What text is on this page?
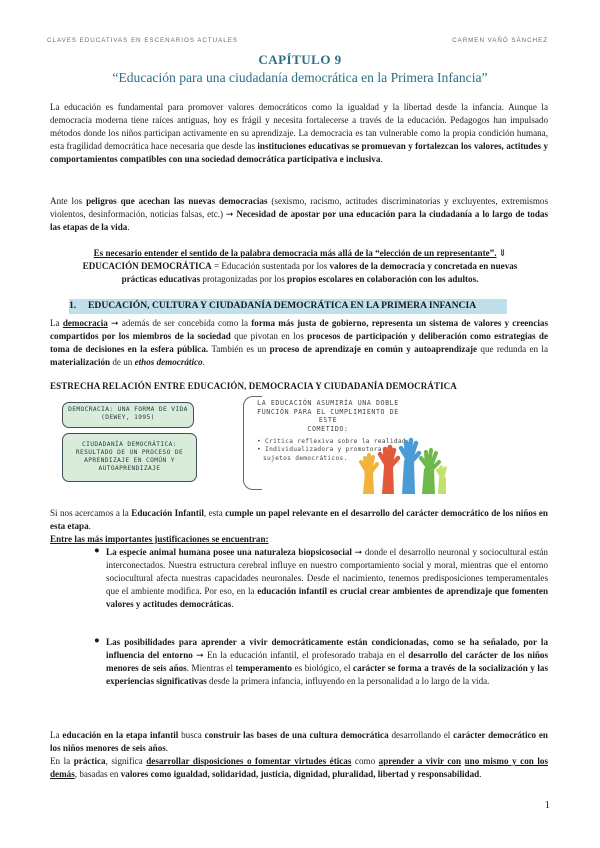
CLAVES EDUCATIVAS EN ESCENARIOS ACTUALES	CARMEN VAÑÓ SÁNCHEZ
CAPÍTULO 9
“Educación para una ciudadanía democrática en la Primera Infancia”

La educación es fundamental para promover valores democráticos como la igualdad y la libertad desde la infancia. Aunque la democracia moderna tiene raíces antiguas, hoy es frágil y necesita fortalecerse a través de la educación. Pedagogos han impulsado métodos donde los niños participan activamente en su aprendizaje. La democracia es tan vulnerable como la propia condición humana, esta fragilidad democrática hace necesaria que desde las instituciones educativas se promuevan y fortalezcan los valores, actitudes y comportamientos compatibles con una sociedad democrática participativa e inclusiva.

Ante los peligros que acechan las nuevas democracias (sexismo, racismo, actitudes discriminatorias y excluyentes, extremismos violentos, desinformación, noticias falsas, etc.) ➞ Necesidad de apostar por una educación para la ciudadanía a lo largo de todas las etapas de la vida.

Es necesario entender el sentido de la palabra democracia más allá de la “elección de un representante”. ⇓
EDUCACIÓN DEMOCRÁTICA = Educación sustentada por los valores de la democracia y concretada en nuevas prácticas educativas protagonizadas por los propios escolares en colaboración con los adultos.

1. EDUCACIÓN, CULTURA Y CIUDADANÍA DEMOCRÁTICA EN LA PRIMERA INFANCIA

La democracia ➞ además de ser concebida como la forma más justa de gobierno, representa un sistema de valores y creencias compartidos por los miembros de la sociedad que pivotan en los procesos de participación y deliberación como estrategias de toma de decisiones en la esfera pública. También es un proceso de aprendizaje en común y autoaprendizaje que redunda en la materialización de un ethos democrático.

ESTRECHA RELACIÓN ENTRE EDUCACIÓN, DEMOCRACIA Y CIUDADANÍA DEMOCRÁTICA
DEMOCRACIA: UNA FORMA DE VIDA
(DEWEY, 1995)
CIUDADANÍA DEMOCRÁTICA:
RESULTADO DE UN PROCESO DE
APRENDIZAJE EN COMÚN Y
AUTOAPRENDIZAJE
LA EDUCACIÓN ASUMIRÍA UNA DOBLE
FUNCIÓN PARA EL CUMPLIMIENTO DE ESTE
COMETIDO:
• Crítica reflexiva sobre la realidad.
• Individualizadora y promotora de sujetos democráticos.

Si nos acercamos a la Educación Infantil, esta cumple un papel relevante en el desarrollo del carácter democrático de los niños en esta etapa.

Entre las más importantes justificaciones se encuentran:

● La especie animal humana posee una naturaleza biopsicosocial ➞ donde el desarrollo neuronal y sociocultural están interconectados. Nuestra estructura cerebral influye en nuestro comportamiento social y moral, mientras que el entorno sociocultural afecta nuestras capacidades neuronales. Desde el nacimiento, tenemos predisposiciones temperamentales que el ambiente modifica. Por eso, en la educación infantil es crucial crear ambientes de aprendizaje que fomenten valores y actitudes democráticas.

● Las posibilidades para aprender a vivir democráticamente están condicionadas, como se ha señalado, por la influencia del entorno ➞ En la educación infantil, el profesorado trabaja en el desarrollo del carácter de los niños menores de seis años. Mientras el temperamento es biológico, el carácter se forma a través de la socialización y las experiencias significativas desde la primera infancia, influyendo en la personalidad a lo largo de la vida.

La educación en la etapa infantil busca construir las bases de una cultura democrática desarrollando el carácter democrático en los niños menores de seis años.
En la práctica, significa desarrollar disposiciones o fomentar virtudes éticas como aprender a vivir con uno mismo y con los demás, basadas en valores como igualdad, solidaridad, justicia, dignidad, pluralidad, libertad y responsabilidad.

1
